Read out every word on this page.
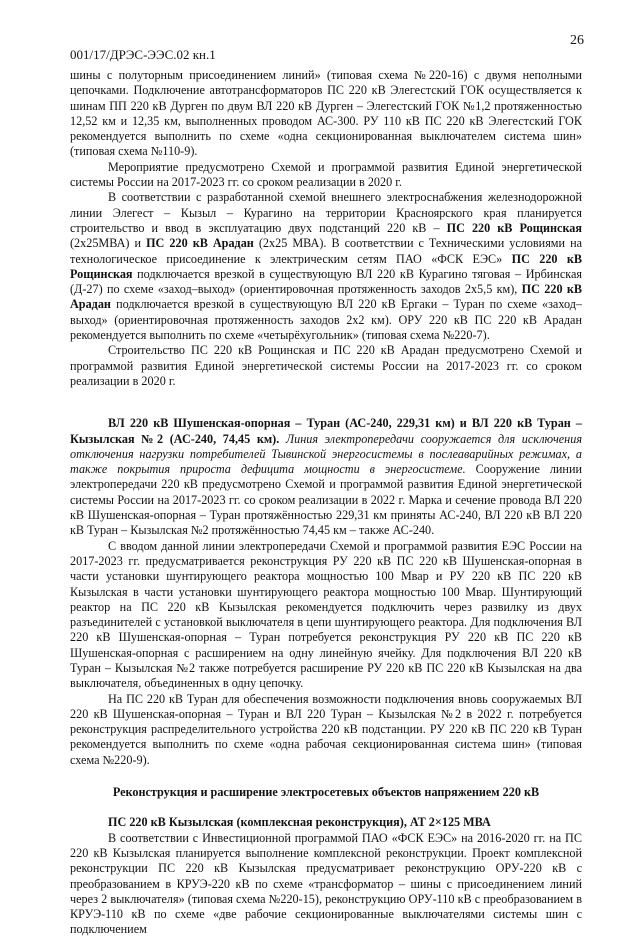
001/17/ДРЭС-ЭЭС.02 кн.1
26

шины с полуторным присоединением линий» (типовая схема №220-16) с двумя неполными цепочками. Подключение автотрансформаторов ПС 220 кВ Элегестский ГОК осуществляется к шинам ПП 220 кВ Дурген по двум ВЛ 220 кВ Дурген – Элегестский ГОК №1,2 протяженностью 12,52 км и 12,35 км, выполненных проводом АС-300. РУ 110 кВ ПС 220 кВ Элегестский ГОК рекомендуется выполнить по схеме «одна секционированная выключателем система шин» (типовая схема №110-9).

Мероприятие предусмотрено Схемой и программой развития Единой энергетической системы России на 2017-2023 гг. со сроком реализации в 2020 г.

В соответствии с разработанной схемой внешнего электроснабжения железнодорожной линии Элегест – Кызыл – Курагино на территории Красноярского края планируется строительство и ввод в эксплуатацию двух подстанций 220 кВ – ПС 220 кВ Рощинская (2х25МВА) и ПС 220 кВ Арадан (2х25 МВА). В соответствии с Техническими условиями на технологическое присоединение к электрическим сетям ПАО «ФСК ЕЭС» ПС 220 кВ Рощинская подключается врезкой в существующую ВЛ 220 кВ Курагино тяговая – Ирбинская (Д-27) по схеме «заход–выход» (ориентировочная протяженность заходов 2х5,5 км), ПС 220 кВ Арадан подключается врезкой в существующую ВЛ 220 кВ Ергаки – Туран по схеме «заход–выход» (ориентировочная протяженность заходов 2х2 км). ОРУ 220 кВ ПС 220 кВ Арадан рекомендуется выполнить по схеме «четырёхугольник» (типовая схема №220-7).

Строительство ПС 220 кВ Рощинская и ПС 220 кВ Арадан предусмотрено Схемой и программой развития Единой энергетической системы России на 2017-2023 гг. со сроком реализации в 2020 г.

ВЛ 220 кВ Шушенская-опорная – Туран (АС-240, 229,31 км) и ВЛ 220 кВ Туран – Кызылская №2 (АС-240, 74,45 км). Линия электропередачи сооружается для исключения отключения нагрузки потребителей Тывинской энергосистемы в послеаварийных режимах, а также покрытия прироста дефицита мощности в энергосистеме. Сооружение линии электропередачи 220 кВ предусмотрено Схемой и программой развития Единой энергетической системы России на 2017-2023 гг. со сроком реализации в 2022 г. Марка и сечение провода ВЛ 220 кВ Шушенская-опорная – Туран протяжённостью 229,31 км приняты АС-240, ВЛ 220 кВ ВЛ 220 кВ Туран – Кызылская №2 протяжённостью 74,45 км – также АС-240.

С вводом данной линии электропередачи Схемой и программой развития ЕЭС России на 2017-2023 гг. предусматривается реконструкция РУ 220 кВ ПС 220 кВ Шушенская-опорная в части установки шунтирующего реактора мощностью 100 Мвар и РУ 220 кВ ПС 220 кВ Кызылская в части установки шунтирующего реактора мощностью 100 Мвар. Шунтирующий реактор на ПС 220 кВ Кызылская рекомендуется подключить через развилку из двух разъединителей с установкой выключателя в цепи шунтирующего реактора. Для подключения ВЛ 220 кВ Шушенская-опорная – Туран потребуется реконструкция РУ 220 кВ ПС 220 кВ Шушенская-опорная с расширением на одну линейную ячейку. Для подключения ВЛ 220 кВ Туран – Кызылская №2 также потребуется расширение РУ 220 кВ ПС 220 кВ Кызылская на два выключателя, объединенных в одну цепочку.

На ПС 220 кВ Туран для обеспечения возможности подключения вновь сооружаемых ВЛ 220 кВ Шушенская-опорная – Туран и ВЛ 220 Туран – Кызылская №2 в 2022 г. потребуется реконструкция распределительного устройства 220 кВ подстанции. РУ 220 кВ ПС 220 кВ Туран рекомендуется выполнить по схеме «одна рабочая секционированная система шин» (типовая схема №220-9).

Реконструкция и расширение электросетевых объектов напряжением 220 кВ

ПС 220 кВ Кызылская (комплексная реконструкция), АТ 2×125 МВА

В соответствии с Инвестиционной программой ПАО «ФСК ЕЭС» на 2016-2020 гг. на ПС 220 кВ Кызылская планируется выполнение комплексной реконструкции. Проект комплексной реконструкции ПС 220 кВ Кызылская предусматривает реконструкцию ОРУ-220 кВ с преобразованием в КРУЭ-220 кВ по схеме «трансформатор – шины с присоединением линий через 2 выключателя» (типовая схема №220-15), реконструкцию ОРУ-110 кВ с преобразованием в КРУЭ-110 кВ по схеме «две рабочие секционированные выключателями системы шин с подключением
